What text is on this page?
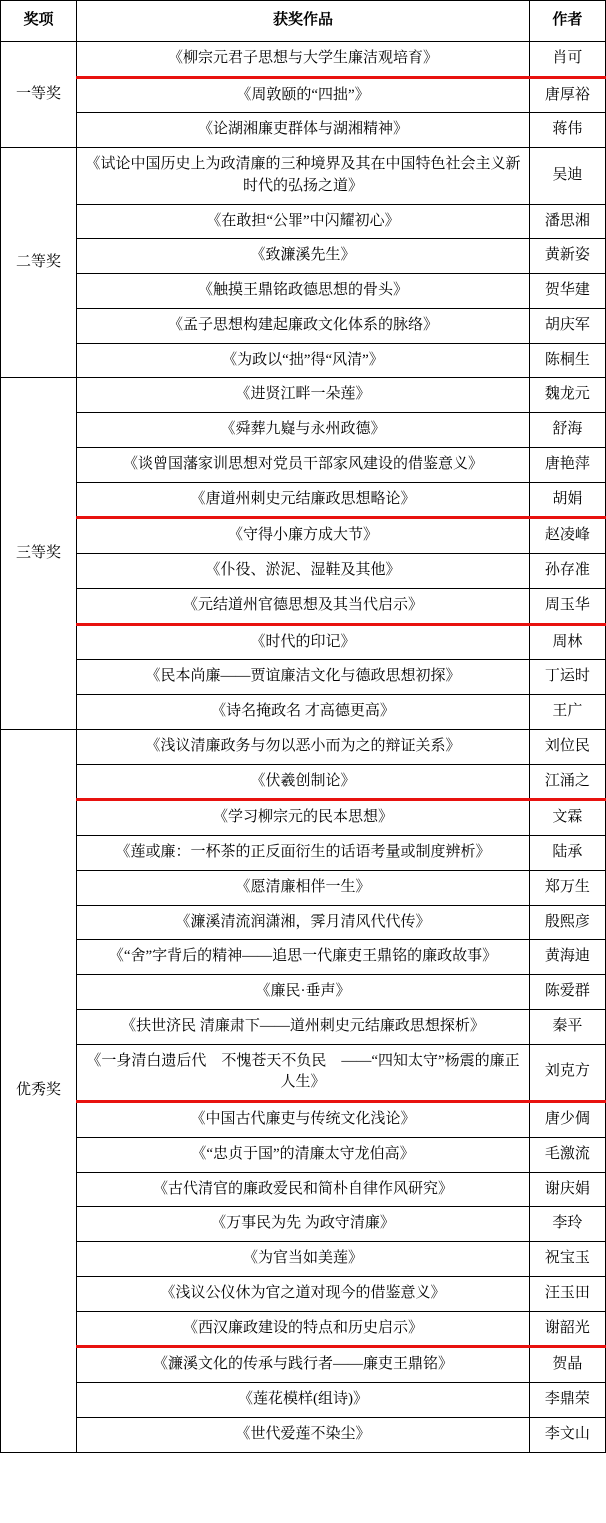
奖项	获奖作品	作者
一等奖	《柳宗元君子思想与大学生廉洁观培育》	肖可
	《周敦颐的“四拙”》	唐厚裕
	《论湖湘廉吏群体与湖湘精神》	蒋伟
二等奖	《试论中国历史上为政清廉的三种境界及其在中国特色社会主义新时代的弘扬之道》	吴迪
	《在敢担“公罪”中闪耀初心》	潘思湘
	《致濂溪先生》	黄新姿
	《触摸王鼎铭政德思想的骨头》	贺华建
	《孟子思想构建起廉政文化体系的脉络》	胡庆军
	《为政以“拙”得“风清”》	陈桐生
三等奖	《进贤江畔一朵莲》	魏龙元
	《舜葬九嶷与永州政德》	舒海
	《谈曾国藩家训思想对党员干部家风建设的借鉴意义》	唐艳萍
	《唐道州刺史元结廉政思想略论》	胡娟
	《守得小廉方成大节》	赵凌峰
	《仆役、淤泥、湿鞋及其他》	孙存准
	《元结道州官德思想及其当代启示》	周玉华
	《时代的印记》	周林
	《民本尚廉——贾谊廉洁文化与德政思想初探》	丁运时
	《诗名掩政名 才高德更高》	王广
优秀奖	《浅议清廉政务与勿以恶小而为之的辩证关系》	刘位民
	《伏羲创制论》	江涌之
	《学习柳宗元的民本思想》	文霖
	《莲或廉：一杯茶的正反面衍生的话语考量或制度辨析》	陆承
	《愿清廉相伴一生》	郑万生
	《濂溪清流润潇湘，霁月清风代代传》	殷熙彦
	《“舍”字背后的精神——追思一代廉吏王鼎铭的廉政故事》	黄海迪
	《廉民·垂声》	陈爱群
	《扶世济民 清廉肃下——道州刺史元结廉政思想探析》	秦平
	《一身清白遗后代　不愧苍天不负民　——“四知太守”杨震的廉正人生》	刘克方
	《中国古代廉吏与传统文化浅论》	唐少倜
	《“忠贞于国”的清廉太守龙伯高》	毛激流
	《古代清官的廉政爱民和简朴自律作风研究》	谢庆娟
	《万事民为先 为政守清廉》	李玲
	《为官当如美莲》	祝宝玉
	《浅议公仪休为官之道对现今的借鉴意义》	汪玉田
	《西汉廉政建设的特点和历史启示》	谢韶光
	《濂溪文化的传承与践行者——廉吏王鼎铭》	贺晶
	《莲花模样(组诗)》	李鼎荣
	《世代爱莲不染尘》	李文山
